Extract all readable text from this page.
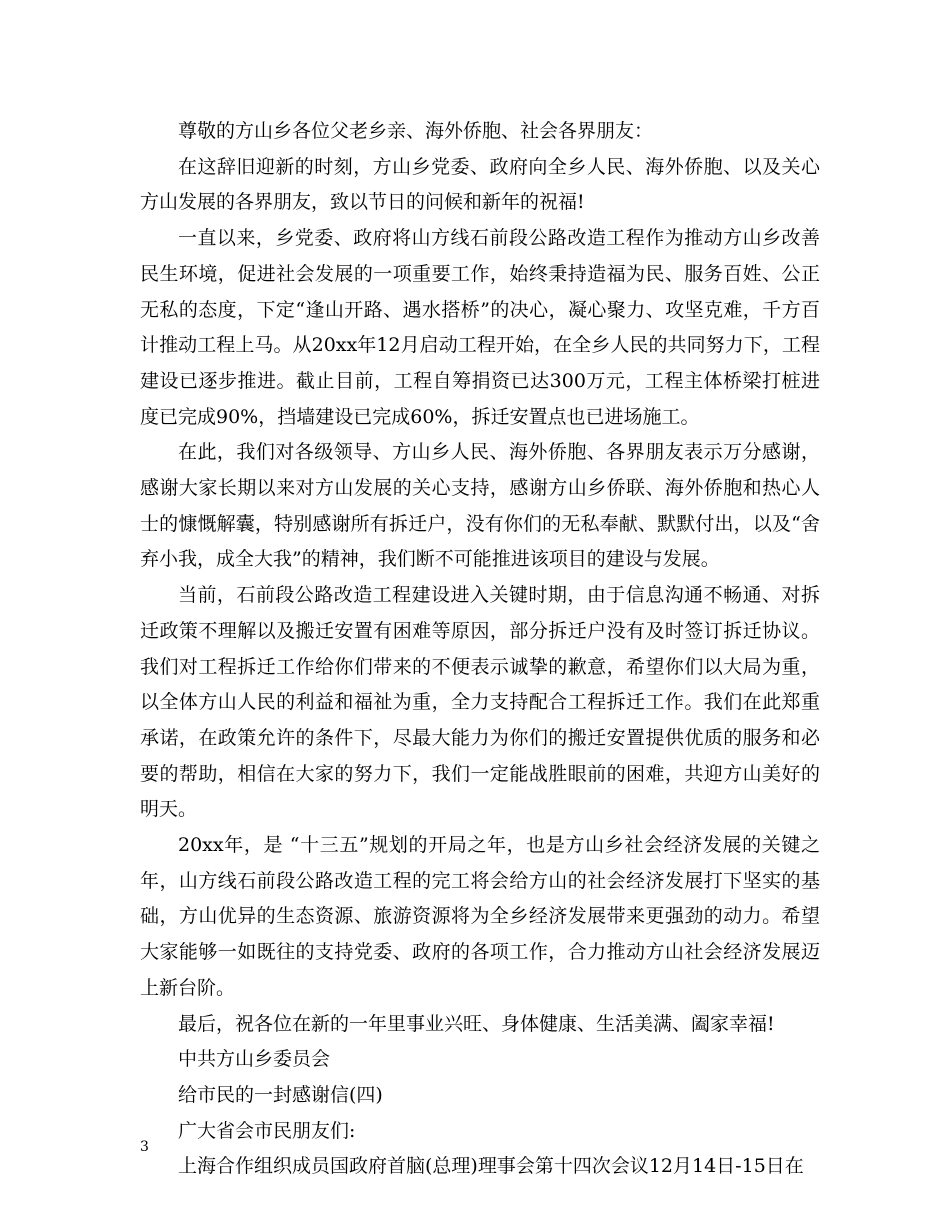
尊敬的方山乡各位父老乡亲、海外侨胞、社会各界朋友：

在这辞旧迎新的时刻，方山乡党委、政府向全乡人民、海外侨胞、以及关心方山发展的各界朋友，致以节日的问候和新年的祝福!

一直以来，乡党委、政府将山方线石前段公路改造工程作为推动方山乡改善民生环境，促进社会发展的一项重要工作，始终秉持造福为民、服务百姓、公正无私的态度，下定“逢山开路、遇水搭桥”的决心，凝心聚力、攻坚克难，千方百计推动工程上马。从20xx年12月启动工程开始，在全乡人民的共同努力下，工程建设已逐步推进。截止目前，工程自筹捐资已达300万元，工程主体桥梁打桩进度已完成90%，挡墙建设已完成60%，拆迁安置点也已进场施工。

在此，我们对各级领导、方山乡人民、海外侨胞、各界朋友表示万分感谢，感谢大家长期以来对方山发展的关心支持，感谢方山乡侨联、海外侨胞和热心人士的慷慨解囊，特别感谢所有拆迁户，没有你们的无私奉献、默默付出，以及“舍弃小我，成全大我”的精神，我们断不可能推进该项目的建设与发展。

当前，石前段公路改造工程建设进入关键时期，由于信息沟通不畅通、对拆迁政策不理解以及搬迁安置有困难等原因，部分拆迁户没有及时签订拆迁协议。我们对工程拆迁工作给你们带来的不便表示诚挚的歉意，希望你们以大局为重，以全体方山人民的利益和福祉为重，全力支持配合工程拆迁工作。我们在此郑重承诺，在政策允许的条件下，尽最大能力为你们的搬迁安置提供优质的服务和必要的帮助，相信在大家的努力下，我们一定能战胜眼前的困难，共迎方山美好的明天。

20xx年，是 “十三五”规划的开局之年，也是方山乡社会经济发展的关键之年，山方线石前段公路改造工程的完工将会给方山的社会经济发展打下坚实的基础，方山优异的生态资源、旅游资源将为全乡经济发展带来更强劲的动力。希望大家能够一如既往的支持党委、政府的各项工作，合力推动方山社会经济发展迈上新台阶。

最后，祝各位在新的一年里事业兴旺、身体健康、生活美满、阖家幸福!

中共方山乡委员会

给市民的一封感谢信(四)

广大省会市民朋友们:

上海合作组织成员国政府首脑(总理)理事会第十四次会议12月14日-15日在

3
